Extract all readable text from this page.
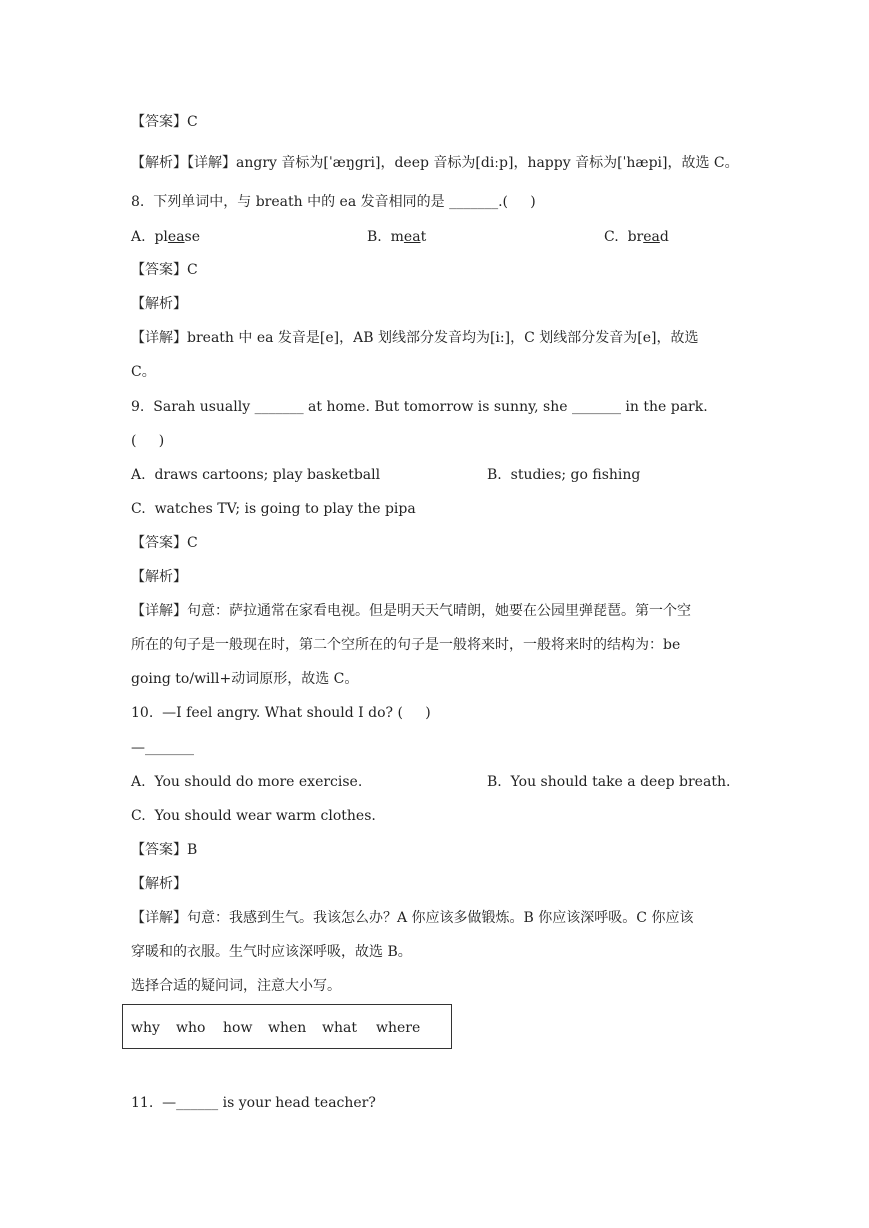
【答案】C
【解析】【详解】angry 音标为[ˈæŋgri]，deep 音标为[diːp]，happy 音标为[ˈhæpi]，故选 C。
8.  下列单词中，与 breath 中的 ea 发音相同的是 _______.(     )
A.  please	B.  meat	C.  bread
【答案】C
【解析】
【详解】breath 中 ea 发音是[e]，AB 划线部分发音均为[i:]，C 划线部分发音为[e]，故选
C。
9.  Sarah usually _______ at home. But tomorrow is sunny, she _______ in the park.
(     )
A.  draws cartoons; play basketball	B.  studies; go fishing
C.  watches TV; is going to play the pipa
【答案】C
【解析】
【详解】句意：萨拉通常在家看电视。但是明天天气晴朗，她要在公园里弹琵琶。第一个空
所在的句子是一般现在时，第二个空所在的句子是一般将来时，一般将来时的结构为：be
going to/will+动词原形，故选 C。
10.  —I feel angry. What should I do? (     )
—_______
A.  You should do more exercise.	B.  You should take a deep breath.
C.  You should wear warm clothes.
【答案】B
【解析】
【详解】句意：我感到生气。我该怎么办？A 你应该多做锻炼。B 你应该深呼吸。C 你应该
穿暖和的衣服。生气时应该深呼吸，故选 B。
选择合适的疑问词，注意大小写。
why who how when what where
11.  —______ is your head teacher?
